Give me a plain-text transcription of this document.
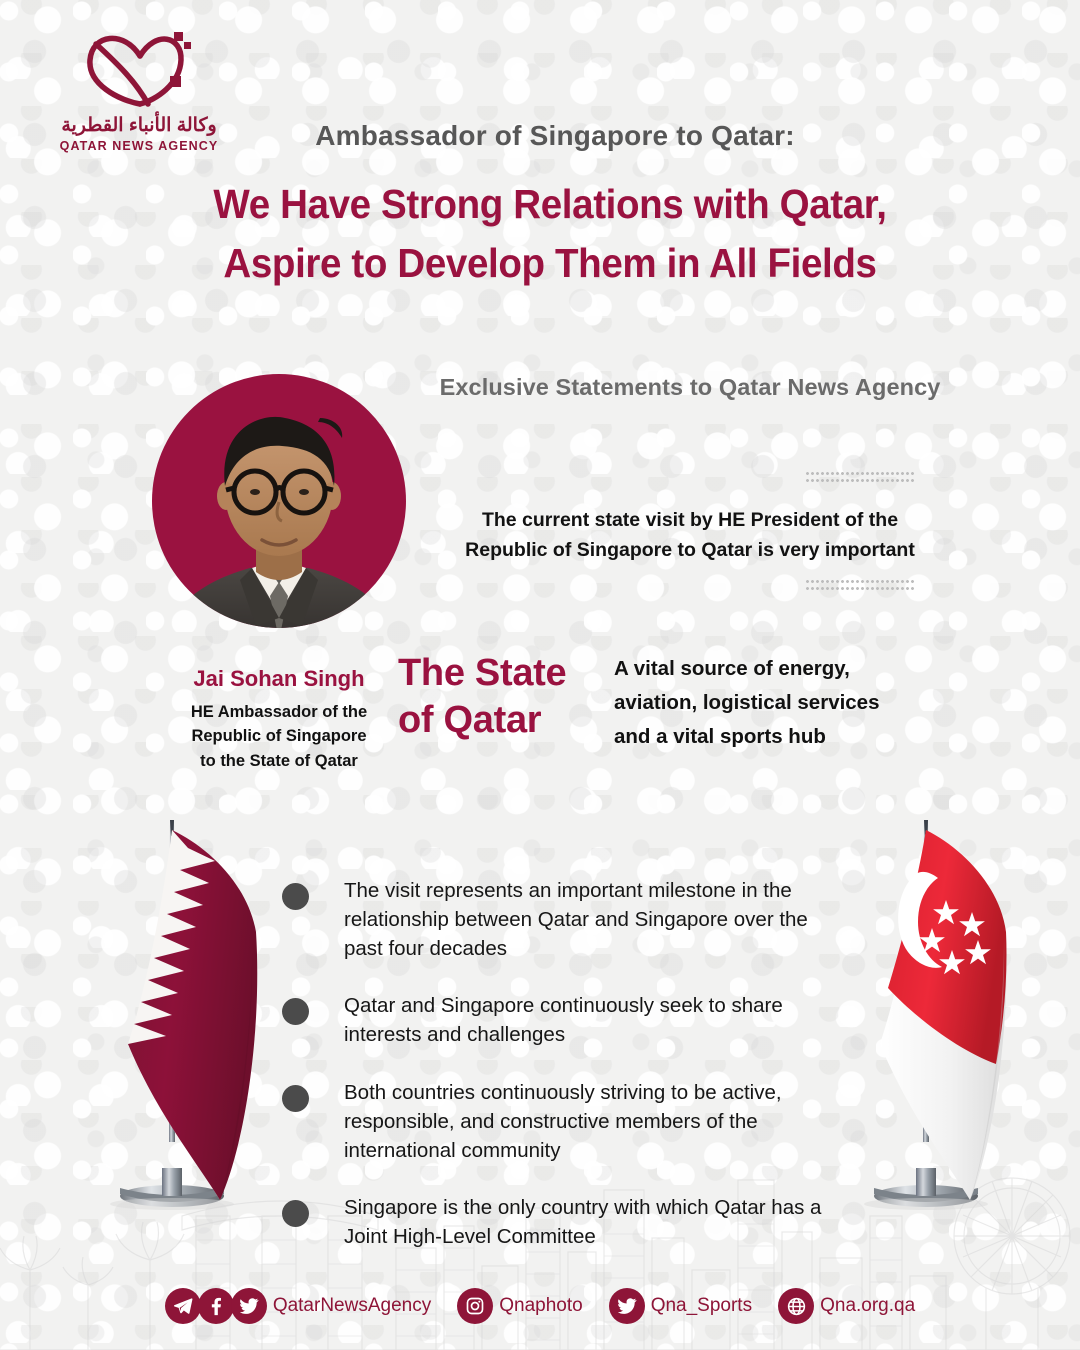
وكالة الأنباء القطرية
QATAR NEWS AGENCY	Ambassador of Singapore to Qatar:
We Have Strong Relations with Qatar,
Aspire to Develop Them in All Fields
Exclusive Statements to Qatar News Agency
The current state visit by HE President of the
Republic of Singapore to Qatar is very important
Jai Sohan Singh
HE Ambassador of the
Republic of Singapore
to the State of Qatar
The State
of Qatar
A vital source of energy,
aviation, logistical services
and a vital sports hub
The visit represents an important milestone in the relationship between Qatar and Singapore over the past four decades
Qatar and Singapore continuously seek to share interests and challenges
Both countries continuously striving to be active, responsible, and constructive members of the international community
Singapore is the only country with which Qatar has a Joint High-Level Committee
QatarNewsAgency	Qnaphoto	Qna_Sports	Qna.org.qa
